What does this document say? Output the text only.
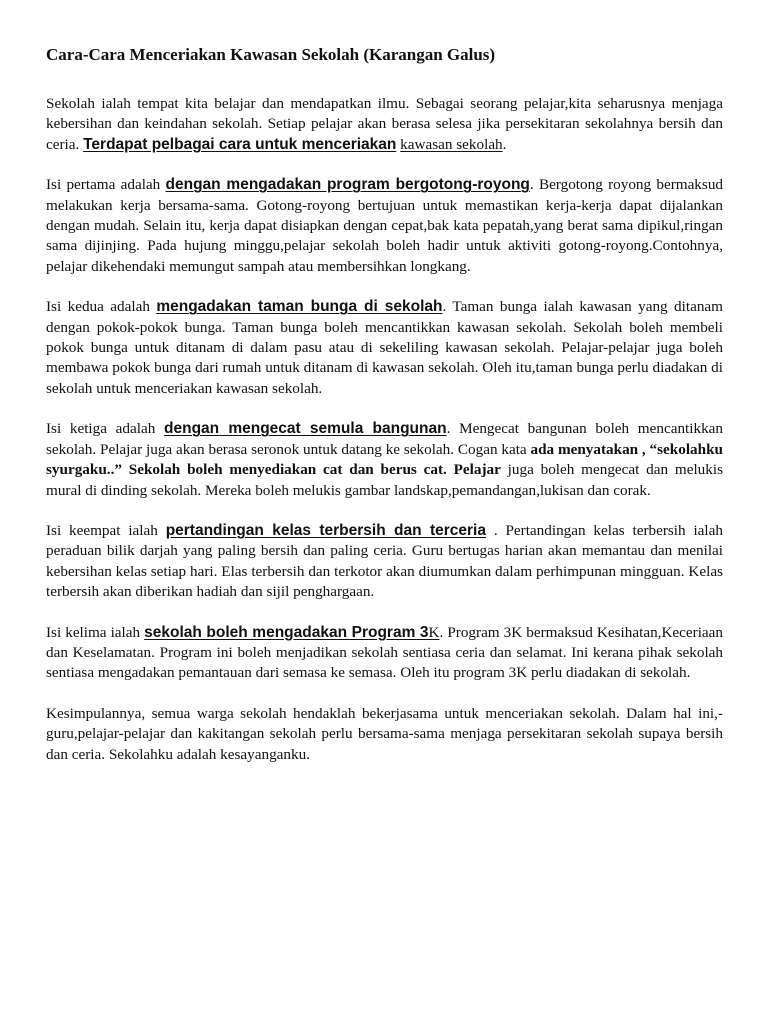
Cara-Cara Menceriakan Kawasan Sekolah (Karangan Galus)

Sekolah ialah tempat kita belajar dan mendapatkan ilmu. Sebagai seorang pelajar,kita seharusnya menjaga kebersihan dan keindahan sekolah. Setiap pelajar akan berasa selesa jika persekitaran sekolahnya bersih dan ceria. Terdapat pelbagai cara untuk menceriakan kawasan sekolah.

Isi pertama adalah dengan mengadakan program bergotong-royong. Bergotong royong bermaksud melakukan kerja bersama-sama. Gotong-royong bertujuan untuk memastikan kerja-kerja dapat dijalankan dengan mudah. Selain itu, kerja dapat disiapkan dengan cepat,bak kata pepatah,yang berat sama dipikul,ringan sama dijinjing. Pada hujung minggu,pelajar sekolah boleh hadir untuk aktiviti gotong-royong.Contohnya, pelajar dikehendaki memungut sampah atau membersihkan longkang.

Isi kedua adalah mengadakan taman bunga di sekolah. Taman bunga ialah kawasan yang ditanam dengan pokok-pokok bunga. Taman bunga boleh mencantikkan kawasan sekolah. Sekolah boleh membeli pokok bunga untuk ditanam di dalam pasu atau di sekeliling kawasan sekolah. Pelajar-pelajar juga boleh membawa pokok bunga dari rumah untuk ditanam di kawasan sekolah. Oleh itu,taman bunga perlu diadakan di sekolah untuk menceriakan kawasan sekolah.

Isi ketiga adalah dengan mengecat semula bangunan. Mengecat bangunan boleh mencantikkan sekolah. Pelajar juga akan berasa seronok untuk datang ke sekolah. Cogan kata ada menyatakan , “sekolahku syurgaku..” Sekolah boleh menyediakan cat dan berus cat. Pelajar juga boleh mengecat dan melukis mural di dinding sekolah. Mereka boleh melukis gambar landskap,pemandangan,lukisan dan corak.

Isi keempat ialah pertandingan kelas terbersih dan terceria . Pertandingan kelas terbersih ialah peraduan bilik darjah yang paling bersih dan paling ceria. Guru bertugas harian akan memantau dan menilai kebersihan kelas setiap hari. Elas terbersih dan terkotor akan diumumkan dalam perhimpunan mingguan. Kelas terbersih akan diberikan hadiah dan sijil penghargaan.

Isi kelima ialah sekolah boleh mengadakan Program 3K. Program 3K bermaksud Kesihatan,Keceriaan dan Keselamatan. Program ini boleh menjadikan sekolah sentiasa ceria dan selamat. Ini kerana pihak sekolah sentiasa mengadakan pemantauan dari semasa ke semasa. Oleh itu program 3K perlu diadakan di sekolah.

Kesimpulannya, semua warga sekolah hendaklah bekerjasama untuk menceriakan sekolah. Dalam hal ini,-guru,pelajar-pelajar dan kakitangan sekolah perlu bersama-sama menjaga persekitaran sekolah supaya bersih dan ceria. Sekolahku adalah kesayanganku.
